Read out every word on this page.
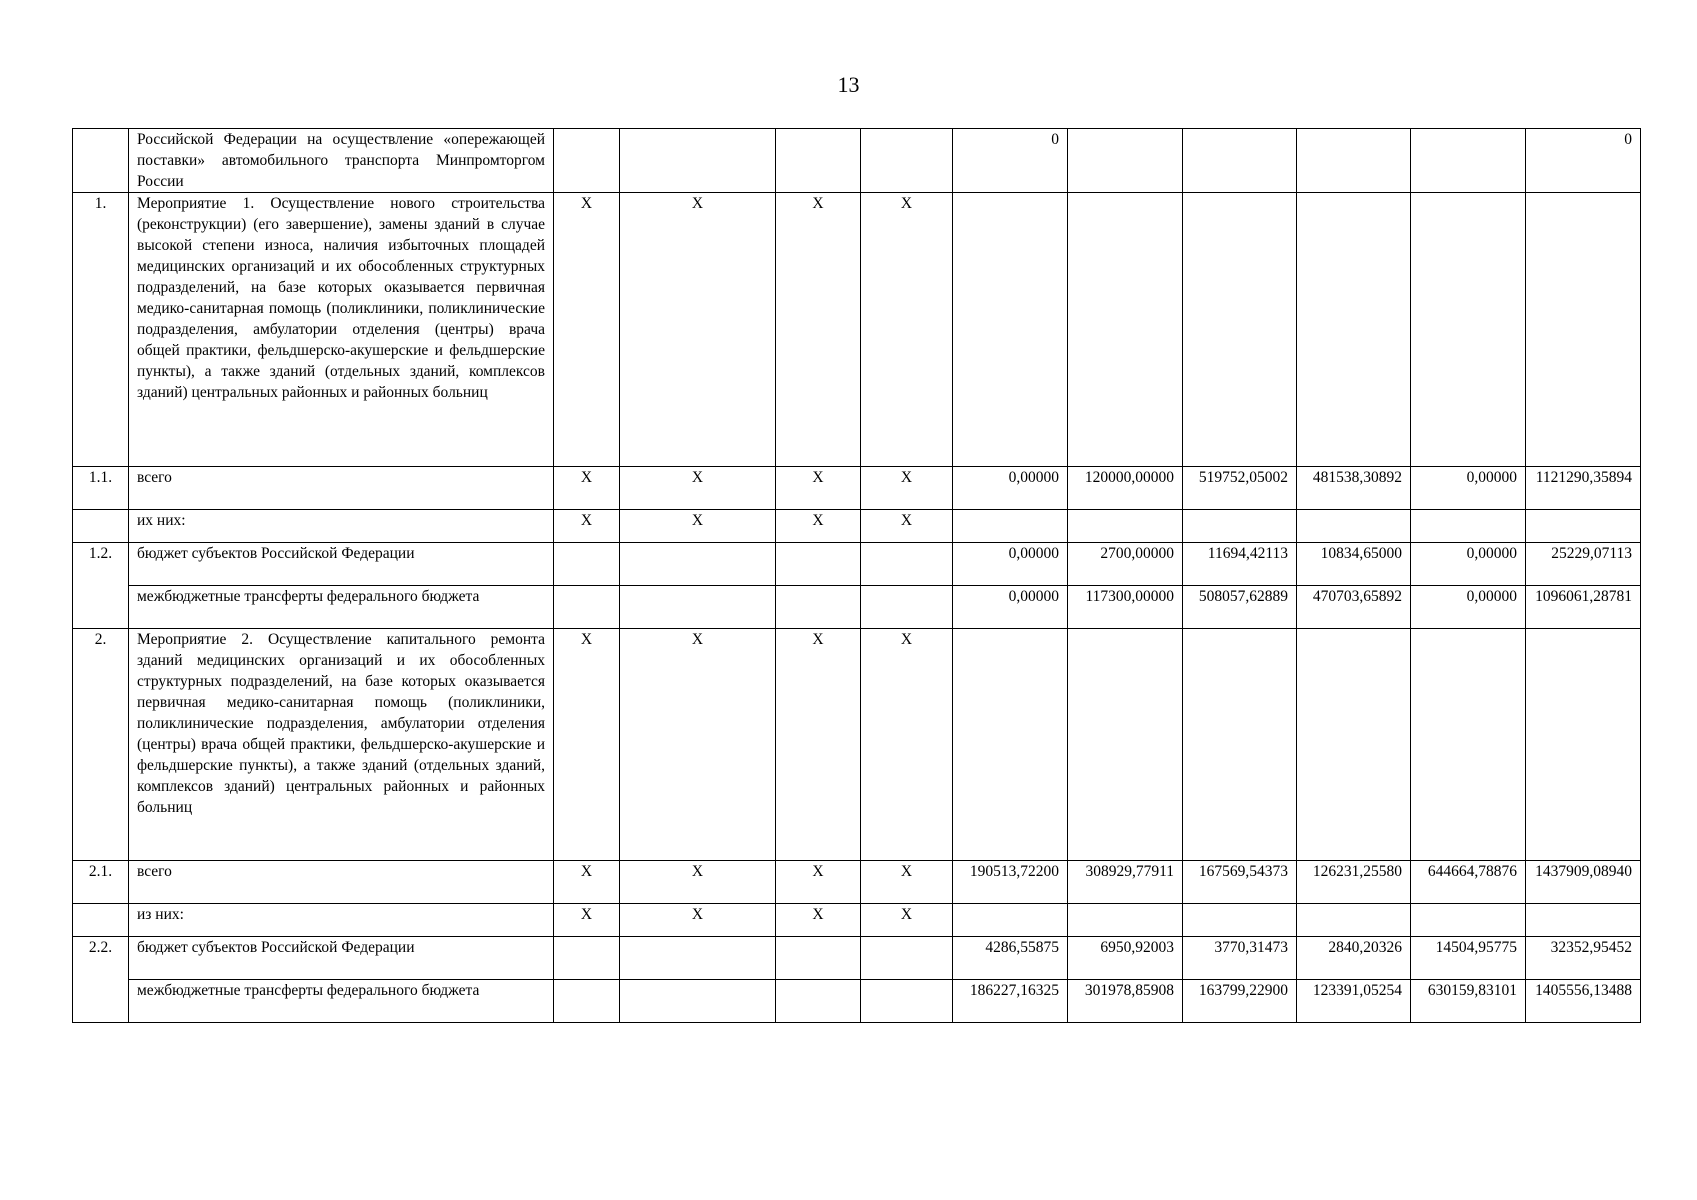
13
	Российской Федерации на осуществление «опережающей поставки» автомобильного транспорта Минпромторгом России					0					0
1.	Мероприятие 1. Осуществление нового строительства (реконструкции) (его завершение), замены зданий в случае высокой степени износа, наличия избыточных площадей медицинских организаций и их обособленных структурных подразделений, на базе которых оказывается первичная медико-санитарная помощь (поликлиники, поликлинические подразделения, амбулатории отделения (центры) врача общей практики, фельдшерско-акушерские и фельдшерские пункты), а также зданий (отдельных зданий, комплексов зданий) центральных районных и районных больниц	X	X	X	X						
1.1.	всего	X	X	X	X	0,00000	120000,00000	519752,05002	481538,30892	0,00000	1121290,35894
	их них:	X	X	X	X						
1.2.	бюджет субъектов Российской Федерации					0,00000	2700,00000	11694,42113	10834,65000	0,00000	25229,07113
	межбюджетные трансферты федерального бюджета					0,00000	117300,00000	508057,62889	470703,65892	0,00000	1096061,28781
2.	Мероприятие 2. Осуществление капитального ремонта зданий медицинских организаций и их обособленных структурных подразделений, на базе которых оказывается первичная медико-санитарная помощь (поликлиники, поликлинические подразделения, амбулатории отделения (центры) врача общей практики, фельдшерско-акушерские и фельдшерские пункты), а также зданий (отдельных зданий, комплексов зданий) центральных районных и районных больниц	X	X	X	X						
2.1.	всего	X	X	X	X	190513,72200	308929,77911	167569,54373	126231,25580	644664,78876	1437909,08940
	из них:	X	X	X	X						
2.2.	бюджет субъектов Российской Федерации					4286,55875	6950,92003	3770,31473	2840,20326	14504,95775	32352,95452
	межбюджетные трансферты федерального бюджета					186227,16325	301978,85908	163799,22900	123391,05254	630159,83101	1405556,13488
